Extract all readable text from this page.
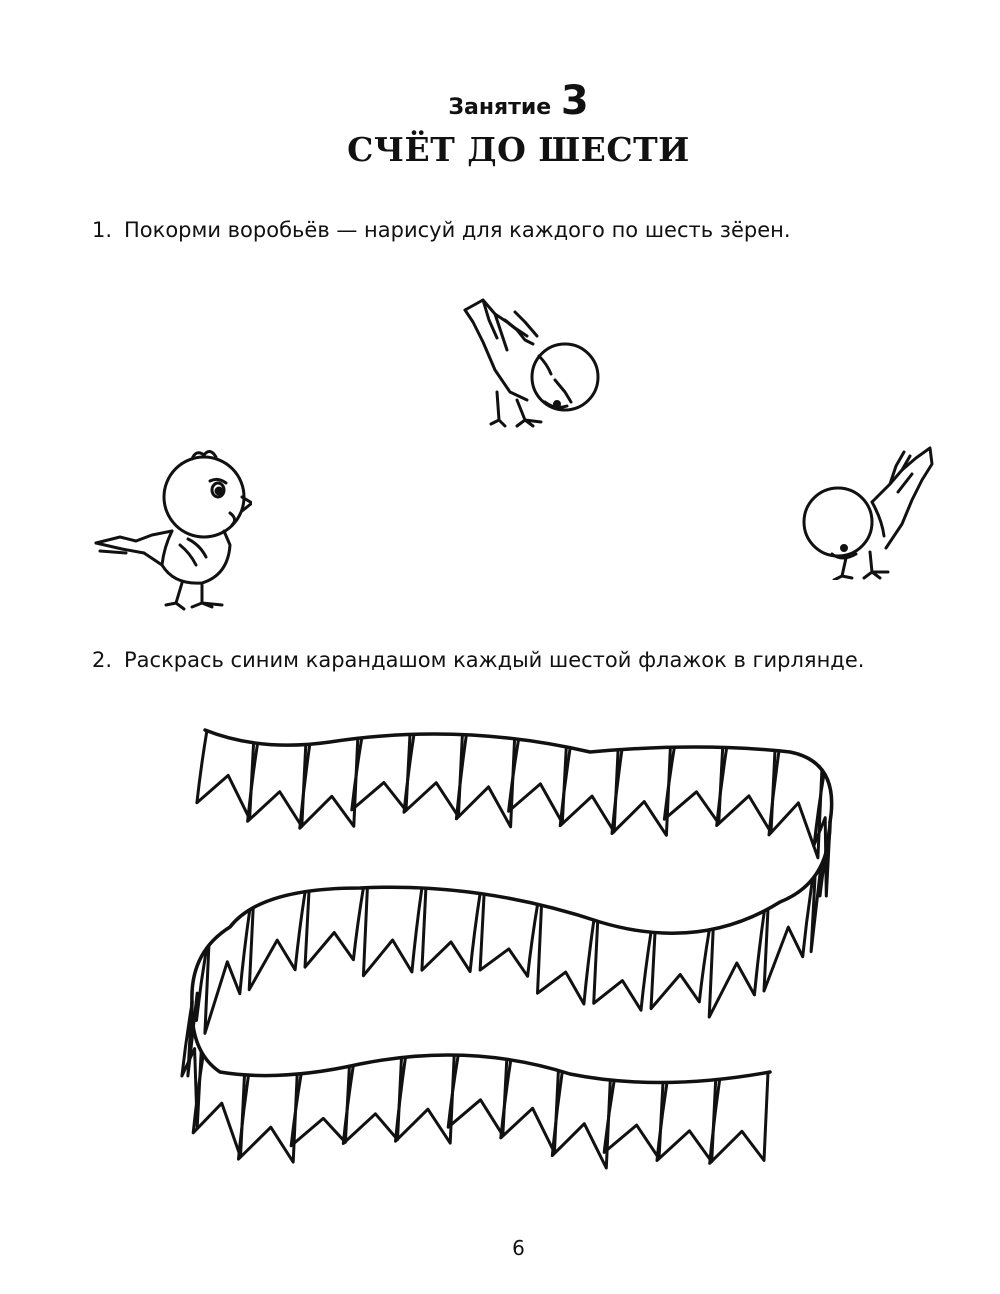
Занятие 3
СЧЁТ ДО ШЕСТИ
1. Покорми воробьёв — нарисуй для каждого по шесть зёрен.
2. Раскрась синим карандашом каждый шестой флажок в гирлянде.
6
